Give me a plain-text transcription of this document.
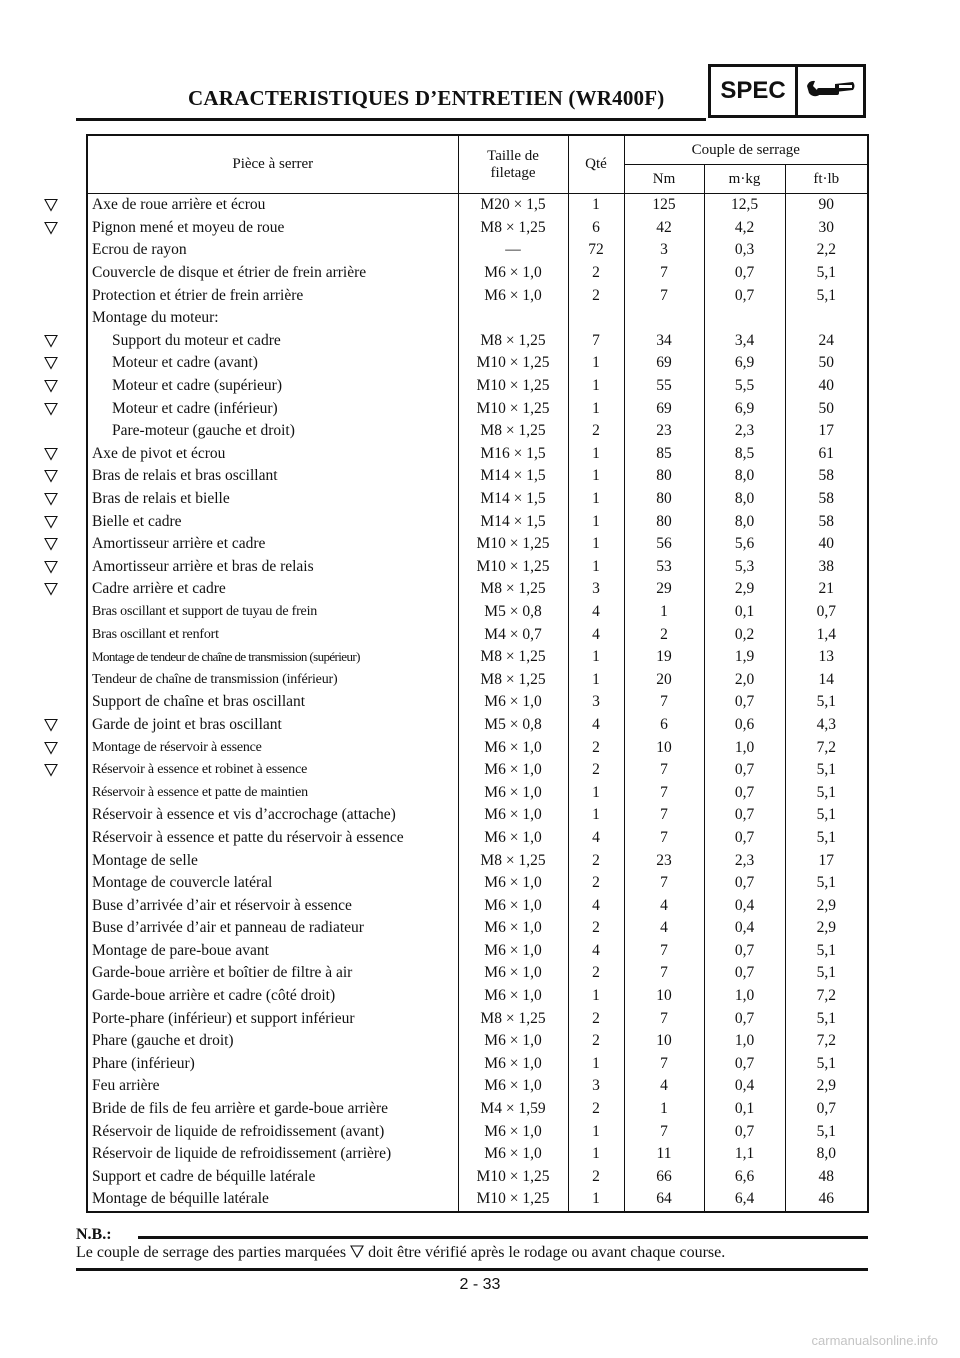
CARACTERISTIQUES D’ENTRETIEN (WR400F)	SPEC
Pièce à serrer	Taille de filetage	Qté	Couple de serrage		
			Nm	m·kg	ft·lb
Axe de roue arrière et écrou	M20 × 1,5	1	125	12,5	90
Pignon mené et moyeu de roue	M8 × 1,25	6	42	4,2	30
Ecrou de rayon	—	72	3	0,3	2,2
Couvercle de disque et étrier de frein arrière	M6 × 1,0	2	7	0,7	5,1
Protection et étrier de frein arrière	M6 × 1,0	2	7	0,7	5,1
Montage du moteur:					
Support du moteur et cadre	M8 × 1,25	7	34	3,4	24
Moteur et cadre (avant)	M10 × 1,25	1	69	6,9	50
Moteur et cadre (supérieur)	M10 × 1,25	1	55	5,5	40
Moteur et cadre (inférieur)	M10 × 1,25	1	69	6,9	50
Pare-moteur (gauche et droit)	M8 × 1,25	2	23	2,3	17
Axe de pivot et écrou	M16 × 1,5	1	85	8,5	61
Bras de relais et bras oscillant	M14 × 1,5	1	80	8,0	58
Bras de relais et bielle	M14 × 1,5	1	80	8,0	58
Bielle et cadre	M14 × 1,5	1	80	8,0	58
Amortisseur arrière et cadre	M10 × 1,25	1	56	5,6	40
Amortisseur arrière et bras de relais	M10 × 1,25	1	53	5,3	38
Cadre arrière et cadre	M8 × 1,25	3	29	2,9	21
Bras oscillant et support de tuyau de frein	M5 × 0,8	4	1	0,1	0,7
Bras oscillant et renfort	M4 × 0,7	4	2	0,2	1,4
Montage de tendeur de chaîne de transmission (supérieur)	M8 × 1,25	1	19	1,9	13
Tendeur de chaîne de transmission (inférieur)	M8 × 1,25	1	20	2,0	14
Support de chaîne et bras oscillant	M6 × 1,0	3	7	0,7	5,1
Garde de joint et bras oscillant	M5 × 0,8	4	6	0,6	4,3
Montage de réservoir à essence	M6 × 1,0	2	10	1,0	7,2
Réservoir à essence et robinet à essence	M6 × 1,0	2	7	0,7	5,1
Réservoir à essence et patte de maintien	M6 × 1,0	1	7	0,7	5,1
Réservoir à essence et vis d’accrochage (attache)	M6 × 1,0	1	7	0,7	5,1
Réservoir à essence et patte du réservoir à essence	M6 × 1,0	4	7	0,7	5,1
Montage de selle	M8 × 1,25	2	23	2,3	17
Montage de couvercle latéral	M6 × 1,0	2	7	0,7	5,1
Buse d’arrivée d’air et réservoir à essence	M6 × 1,0	4	4	0,4	2,9
Buse d’arrivée d’air et panneau de radiateur	M6 × 1,0	2	4	0,4	2,9
Montage de pare-boue avant	M6 × 1,0	4	7	0,7	5,1
Garde-boue arrière et boîtier de filtre à air	M6 × 1,0	2	7	0,7	5,1
Garde-boue arrière et cadre (côté droit)	M6 × 1,0	1	10	1,0	7,2
Porte-phare (inférieur) et support inférieur	M8 × 1,25	2	7	0,7	5,1
Phare (gauche et droit)	M6 × 1,0	2	10	1,0	7,2
Phare (inférieur)	M6 × 1,0	1	7	0,7	5,1
Feu arrière	M6 × 1,0	3	4	0,4	2,9
Bride de fils de feu arrière et garde-boue arrière	M4 × 1,59	2	1	0,1	0,7
Réservoir de liquide de refroidissement (avant)	M6 × 1,0	1	7	0,7	5,1
Réservoir de liquide de refroidissement (arrière)	M6 × 1,0	1	11	1,1	8,0
Support et cadre de béquille latérale	M10 × 1,25	2	66	6,6	48
Montage de béquille latérale	M10 × 1,25	1	64	6,4	46
N.B.:
Le couple de serrage des parties marquées doit être vérifié après le rodage ou avant chaque course.
2 - 33
carmanualsonline.info
